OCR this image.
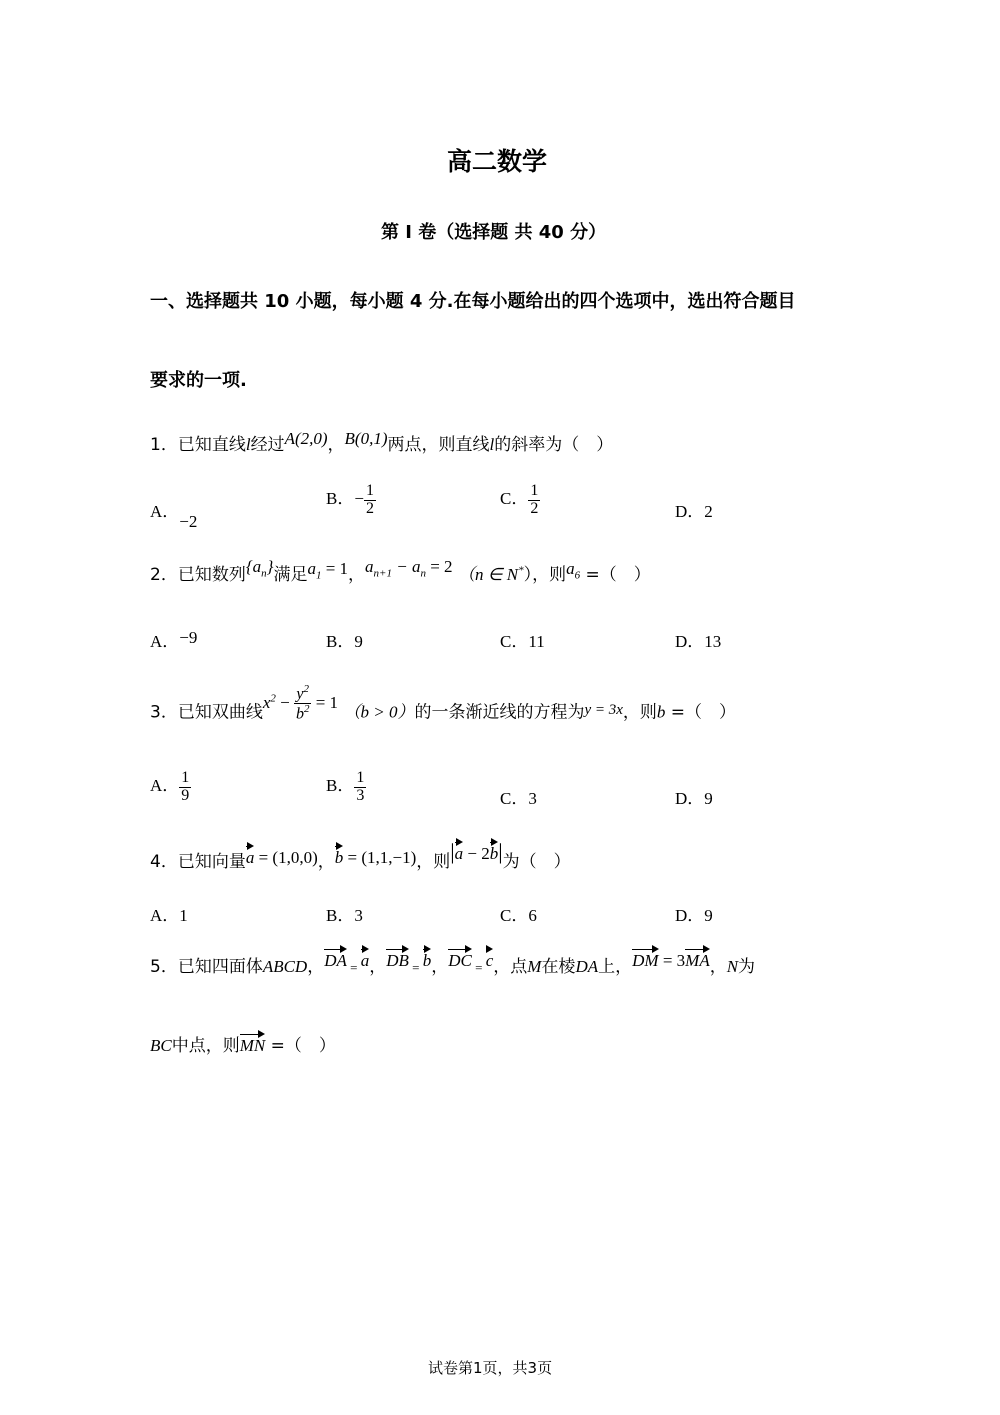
高二数学
第 I 卷（选择题 共 40 分）
一、选择题共 10 小题，每小题 4 分.在每小题给出的四个选项中，选出符合题目
要求的一项.
1．已知直线l经过A(2,0)，B(0,1)两点，则直线l的斜率为（　）
A．−2
B．− $\frac{1}{2}$	C． $\frac{1}{2}$	D．2
2．已知数列$\{a_n\}$满足$a_1 = 1$，$a_{n+1} - a_n = 2$ （n ∈ N*），则$a_6$ =（　）
A．−9	B．9	C．11	D．13
3．已知双曲线$x^2 - \frac{y^2}{b^2} = 1$ （b > 0）的一条渐近线的方程为y = 3x，则b =（　）
A． $\frac{1}{9}$	B． $\frac{1}{3}$	C．3	D．9
4．已知向量a = (1,0,0)，b = (1,1,−1)，则|a − 2b|为（　）
A．1	B．3	C．6	D．9
5．已知四面体ABCD，DA = a，DB = b，DC = c，点M在棱DA上，DM = 3MA，N为
BC中点，则MN =（　）
试卷第1页，共3页
